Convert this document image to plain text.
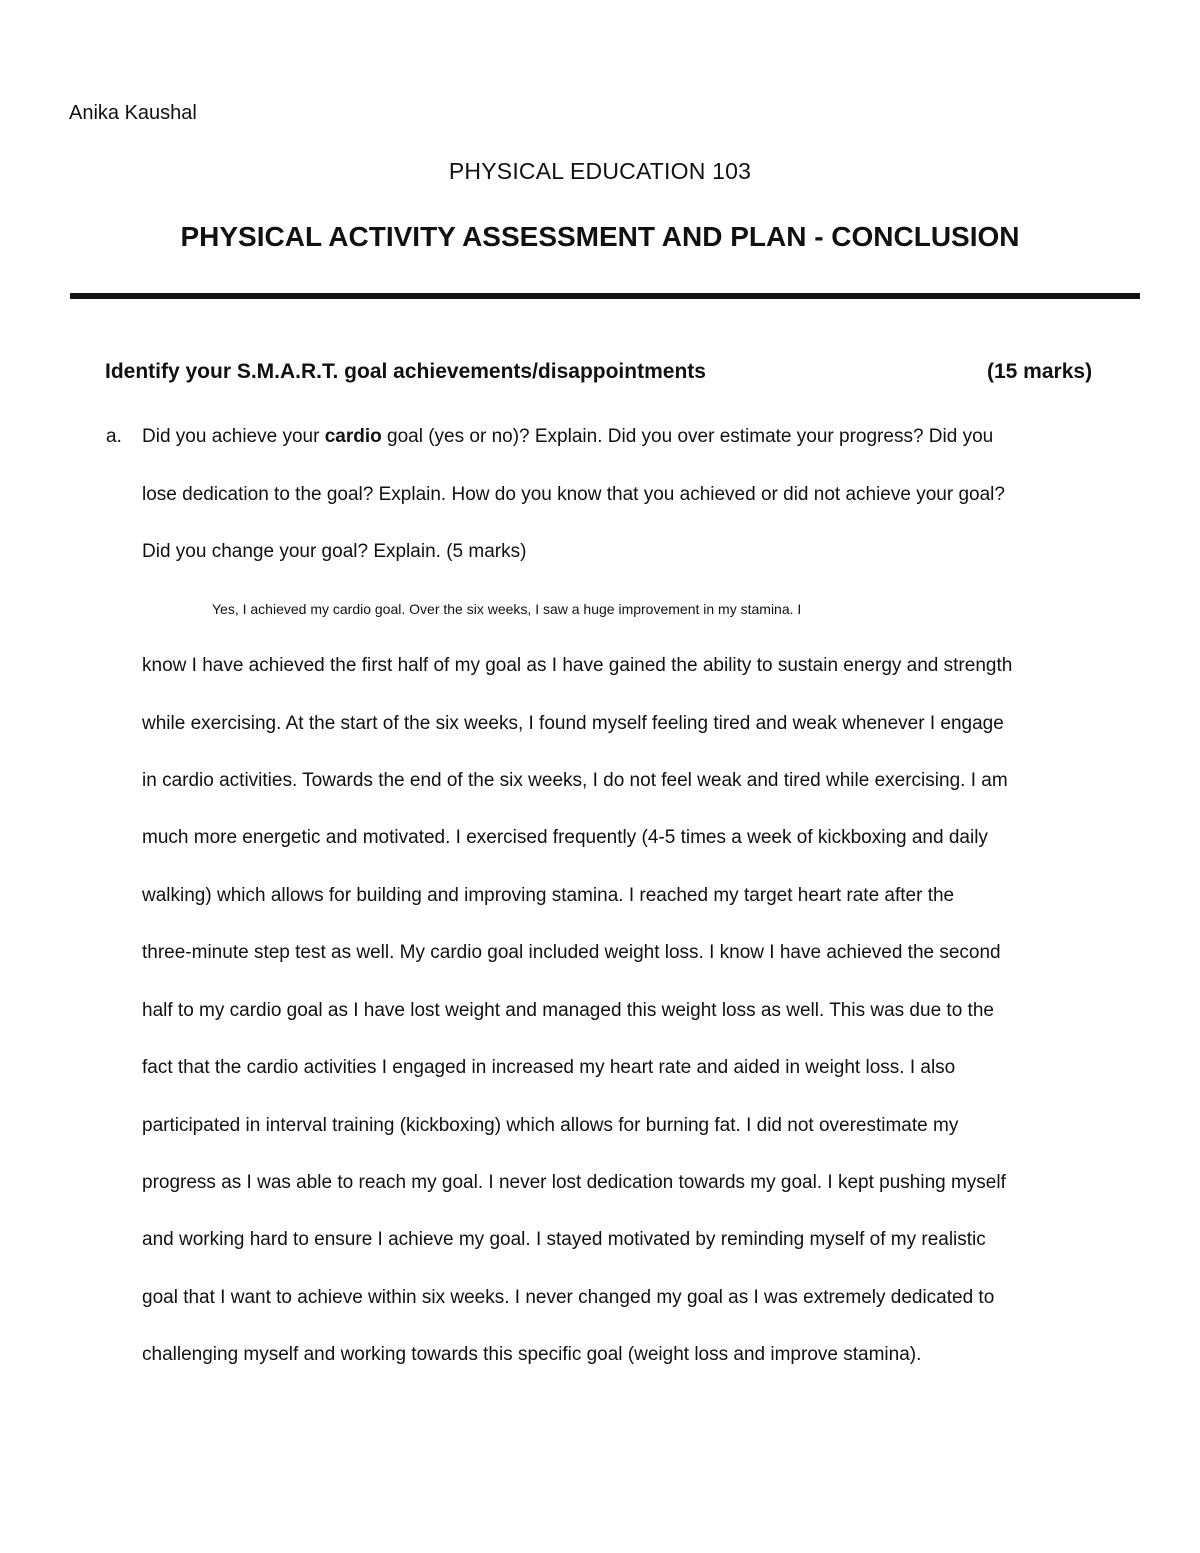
Anika Kaushal
PHYSICAL EDUCATION 103
PHYSICAL ACTIVITY ASSESSMENT AND PLAN - CONCLUSION
Identify your S.M.A.R.T. goal achievements/disappointments	(15 marks)
a. Did you achieve your cardio goal (yes or no)? Explain. Did you over estimate your progress? Did you
lose dedication to the goal? Explain. How do you know that you achieved or did not achieve your goal?
Did you change your goal? Explain. (5 marks)
Yes, I achieved my cardio goal. Over the six weeks, I saw a huge improvement in my stamina. I
know I have achieved the first half of my goal as I have gained the ability to sustain energy and strength
while exercising. At the start of the six weeks, I found myself feeling tired and weak whenever I engage
in cardio activities. Towards the end of the six weeks, I do not feel weak and tired while exercising. I am
much more energetic and motivated. I exercised frequently (4-5 times a week of kickboxing and daily
walking) which allows for building and improving stamina. I reached my target heart rate after the
three-minute step test as well. My cardio goal included weight loss. I know I have achieved the second
half to my cardio goal as I have lost weight and managed this weight loss as well. This was due to the
fact that the cardio activities I engaged in increased my heart rate and aided in weight loss. I also
participated in interval training (kickboxing) which allows for burning fat. I did not overestimate my
progress as I was able to reach my goal. I never lost dedication towards my goal. I kept pushing myself
and working hard to ensure I achieve my goal. I stayed motivated by reminding myself of my realistic
goal that I want to achieve within six weeks. I never changed my goal as I was extremely dedicated to
challenging myself and working towards this specific goal (weight loss and improve stamina).
